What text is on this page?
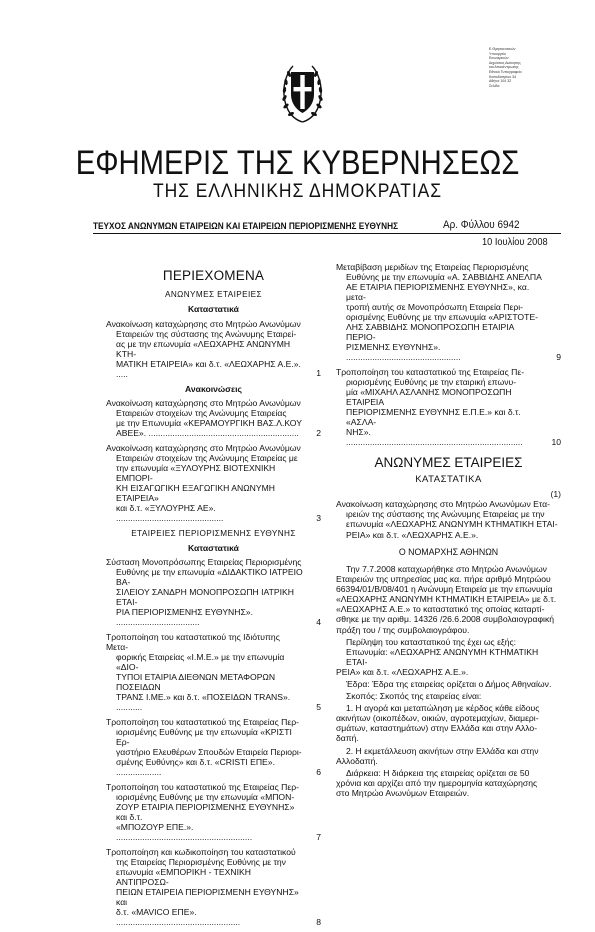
Ε.Θρησκευτικών
Υπουργείο
Εσωτερικών
Δημόσιας Διοίκησης
και Αποκέντρωσης
Εθνικό Τυπογραφείο
Καποδιστρίου 34
Αθήνα 104 32
Σελίδα
ΕΦΗΜΕΡΙΣ ΤΗΣ ΚΥΒΕΡΝΗΣΕΩΣ
ΤΗΣ ΕΛΛΗΝΙΚΗΣ ΔΗΜΟΚΡΑΤΙΑΣ
ΤΕΥΧΟΣ ΑΝΩΝΥΜΩΝ ΕΤΑΙΡΕΙΩΝ ΚΑΙ ΕΤΑΙΡΕΙΩΝ ΠΕΡΙΟΡΙΣΜΕΝΗΣ ΕΥΘΥΝΗΣ	Αρ. Φύλλου 6942
10 Ιουλίου 2008
ΠΕΡΙΕΧΟΜΕΝΑ
ΑΝΩΝΥΜΕΣ ΕΤΑΙΡΕΙΕΣ
Καταστατικά
Ανακοίνωση καταχώρησης στο Μητρώο Ανωνύμων
Εταιρειών της σύστασης της Ανώνυμης Εταιρεί-
ας με την επωνυμία «ΛΕΩΧΑΡΗΣ ΑΝΩΝΥΜΗ ΚΤΗ-
ΜΑΤΙΚΗ ΕΤΑΙΡΕΙΑ» και δ.τ. «ΛΕΩΧΑΡΗΣ Α.Ε.». .....	1
Ανακοινώσεις
Ανακοίνωση καταχώρησης στο Μητρώο Ανωνύμων
Εταιρειών στοιχείων της Ανώνυμης Εταιρείας
με την Επωνυμία «ΚΕΡΑΜΟΥΡΓΙΚΗ ΒΑΣ.Λ.ΚΟΥ
ΑΒΕΕ». ...............................................................	2
Ανακοίνωση καταχώρησης στο Μητρώο Ανωνύμων
Εταιρειών στοιχείων της Ανώνυμης Εταιρείας με
την επωνυμία «ΞΥΛΟΥΡΗΣ ΒΙΟΤΕΧΝΙΚΗ ΕΜΠΟΡΙ-
ΚΗ ΕΙΣΑΓΩΓΙΚΗ ΕΞΑΓΩΓΙΚΗ ΑΝΩΝΥΜΗ ΕΤΑΙΡΕΙΑ»
και δ.τ. «ΞΥΛΟΥΡΗΣ ΑΕ». .............................................	3
ΕΤΑΙΡΕΙΕΣ ΠΕΡΙΟΡΙΣΜΕΝΗΣ ΕΥΘΥΝΗΣ
Καταστατικά
Σύσταση Μονοπρόσωπης Εταιρείας Περιορισμένης
Ευθύνης με την επωνυμία «ΔΙΔΑΚΤΙΚΟ ΙΑΤΡΕΙΟ ΒΑ-
ΣΙΛΕΙΟΥ ΣΑΝΔΡΗ ΜΟΝΟΠΡΟΣΩΠΗ ΙΑΤΡΙΚΗ ΕΤΑΙ-
ΡΙΑ ΠΕΡΙΟΡΙΣΜΕΝΗΣ ΕΥΘΥΝΗΣ». ...................................	4
Τροποποίηση του καταστατικού της Ιδιότυπης Μετα-
φορικής Εταιρείας «Ι.Μ.Ε.» με την επωνυμία «ΔΙΟ-
ΤΥΠΟΙ ΕΤΑΙΡΙΑ ΔΙΕΘΝΩΝ ΜΕΤΑΦΟΡΩΝ ΠΟΣΕΙΔΩΝ
ΤΡΑΝΣ Ι.ΜΕ.» και δ.τ. «ΠΟΣΕΙΔΩΝ TRANS». ...........	5
Τροποποίηση του καταστατικού της Εταιρείας Περ-
ιορισμένης Ευθύνης με την επωνυμία «ΚΡΙΣΤΙ Ερ-
γαστήριο Ελευθέρων Σπουδών Εταιρεία Περιορι-
σμένης Ευθύνης» και δ.τ. «CRISTI ΕΠΕ». ...................	6
Τροποποίηση του καταστατικού της Εταιρείας Περ-
ιορισμένης Ευθύνης με την επωνυμία «ΜΠΟΝ-
ΖΟΥΡ ΕΤΑΙΡΙΑ ΠΕΡΙΟΡΙΣΜΕΝΗΣ ΕΥΘΥΝΗΣ» και δ.τ.
«ΜΠΟΖΟΥΡ ΕΠΕ.». .........................................................	7
Τροποποίηση και κωδικοποίηση του καταστατικού
της Εταιρείας Περιορισμένης Ευθύνης με την
επωνυμία «ΕΜΠΟΡΙΚΗ - ΤΕΧΝΙΚΗ ΑΝΤΙΠΡΟΣΩ-
ΠΕΙΩΝ ΕΤΑΙΡΕΙΑ ΠΕΡΙΟΡΙΣΜΕΝΗ ΕΥΘΥΝΗΣ» και
δ.τ. «MAVICO ΕΠΕ». ....................................................	8
Μεταβίβαση μεριδίων της Εταιρείας Περιορισμένης
Ευθύνης με την επωνυμία «Α. ΣΑΒΒΙΔΗΣ ΑΝΕΛΠΑ
ΑΕ ΕΤΑΙΡΙΑ ΠΕΡΙΟΡΙΣΜΕΝΗΣ ΕΥΘΥΝΗΣ», κα. μετα-
τροπή αυτής σε Μονοπρόσωπη Εταιρεία Περι-
ορισμένης Ευθύνης με την επωνυμία «ΑΡΙΣΤΟΤΕ-
ΛΗΣ ΣΑΒΒΙΔΗΣ ΜΟΝΟΠΡΟΣΩΠΗ ΕΤΑΙΡΙΑ ΠΕΡΙΟ-
ΡΙΣΜΕΝΗΣ ΕΥΘΥΝΗΣ». ................................................	9
Τροποποίηση του καταστατικού της Εταιρείας Πε-
ριορισμένης Ευθύνης με την εταιρική επωνυ-
μία «ΜΙΧΑΗΛ ΑΣΛΑΝΗΣ ΜΟΝΟΠΡΟΣΩΠΗ ΕΤΑΙΡΕΙΑ
ΠΕΡΙΟΡΙΣΜΕΝΗΣ ΕΥΘΥΝΗΣ Ε.Π.Ε.» και δ.τ. «ΑΣΛΑ-
ΝΗΣ». ..........................................................................	10
ΑΝΩΝΥΜΕΣ ΕΤΑΙΡΕΙΕΣ
ΚΑΤΑΣΤΑΤΙΚΑ
(1)
Ανακοίνωση καταχώρησης στο Μητρώο Ανωνύμων Ετα-
ιρειών της σύστασης της Ανώνυμης Εταιρείας με την
επωνυμία «ΛΕΩΧΑΡΗΣ ΑΝΩΝΥΜΗ ΚΤΗΜΑΤΙΚΗ ΕΤΑΙ-
ΡΕΙΑ» και δ.τ. «ΛΕΩΧΑΡΗΣ Α.Ε.».
Ο ΝΟΜΑΡΧΗΣ ΑΘΗΝΩΝ
Την 7.7.2008 καταχωρήθηκε στο Μητρώο Ανωνύμων
Εταιρειών της υπηρεσίας μας κα. πήρε αριθμό Μητρώου
66394/01/Β/08/401 η Ανώνυμη Εταιρεία με την επωνυμία
«ΛΕΩΧΑΡΗΣ ΑΝΩΝΥΜΗ ΚΤΗΜΑΤΙΚΗ ΕΤΑΙΡΕΙΑ» με δ.τ.
«ΛΕΩΧΑΡΗΣ Α.Ε.» το καταστατικό της οποίας καταρτί-
σθηκε με την αριθμ. 14326 /26.6.2008 συμβολαιογραφική
πράξη του / της συμβολαιογράφου.
Περίληψη του καταστατικού της έχει ως εξής:
Επωνυμία: «ΛΕΩΧΑΡΗΣ ΑΝΩΝΥΜΗ ΚΤΗΜΑΤΙΚΗ ΕΤΑΙ-
ΡΕΙΑ» και δ.τ. «ΛΕΩΧΑΡΗΣ Α.Ε.».
Έδρα: Έδρα της εταιρείας ορίζεται ο Δήμος Αθηναίων.
Σκοπός: Σκοπός της εταιρείας είναι:
1. Η αγορά και μεταπώληση με κέρδος κάθε είδους
ακινήτων (οικοπέδων, οικιών, αγροτεμαχίων, διαμερι-
σμάτων, καταστημάτων) στην Ελλάδα και στην Αλλο-
δαπή.
2. Η εκμετάλλευση ακινήτων στην Ελλάδα και στην
Αλλοδαπή.
Διάρκεια: Η διάρκεια της εταιρείας ορίζεται σε 50
χρόνια και αρχίζει από την ημερομηνία καταχώρησης
στο Μητρώο Ανωνύμων Εταιρειών.
